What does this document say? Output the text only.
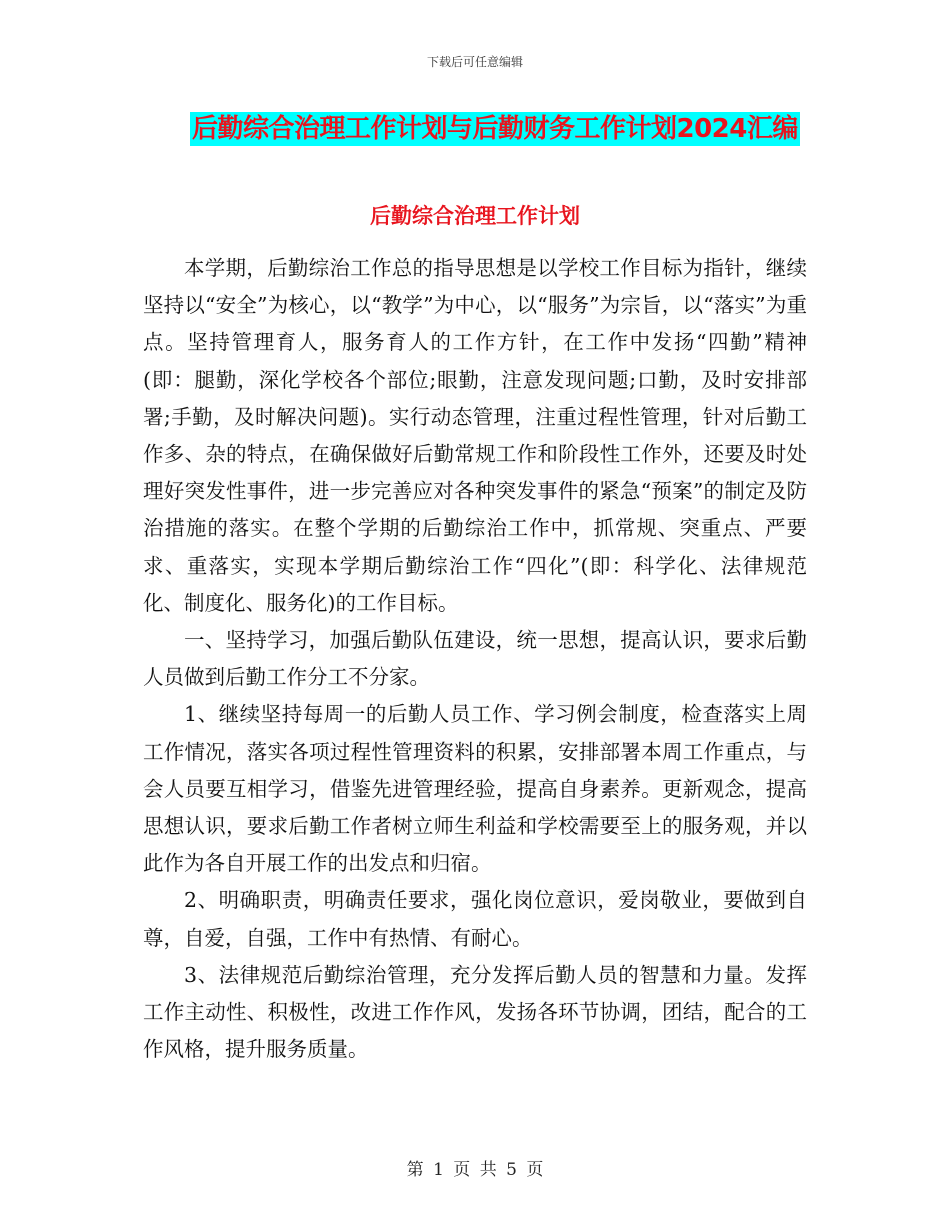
下载后可任意编辑
后勤综合治理工作计划与后勤财务工作计划2024汇编
后勤综合治理工作计划

本学期，后勤综治工作总的指导思想是以学校工作目标为指针，继续坚持以“安全”为核心，以“教学”为中心，以“服务”为宗旨，以“落实”为重点。坚持管理育人，服务育人的工作方针，在工作中发扬“四勤”精神(即：腿勤，深化学校各个部位;眼勤，注意发现问题;口勤，及时安排部署;手勤，及时解决问题)。实行动态管理，注重过程性管理，针对后勤工作多、杂的特点，在确保做好后勤常规工作和阶段性工作外，还要及时处理好突发性事件，进一步完善应对各种突发事件的紧急“预案”的制定及防治措施的落实。在整个学期的后勤综治工作中，抓常规、突重点、严要求、重落实，实现本学期后勤综治工作“四化”(即：科学化、法律规范化、制度化、服务化)的工作目标。

一、坚持学习，加强后勤队伍建设，统一思想，提高认识，要求后勤人员做到后勤工作分工不分家。

1、继续坚持每周一的后勤人员工作、学习例会制度，检查落实上周工作情况，落实各项过程性管理资料的积累，安排部署本周工作重点，与会人员要互相学习，借鉴先进管理经验，提高自身素养。更新观念，提高思想认识，要求后勤工作者树立师生利益和学校需要至上的服务观，并以此作为各自开展工作的出发点和归宿。

2、明确职责，明确责任要求，强化岗位意识，爱岗敬业，要做到自尊，自爱，自强，工作中有热情、有耐心。

3、法律规范后勤综治管理，充分发挥后勤人员的智慧和力量。发挥工作主动性、积极性，改进工作作风，发扬各环节协调，团结，配合的工作风格，提升服务质量。

第 1 页 共 5 页
